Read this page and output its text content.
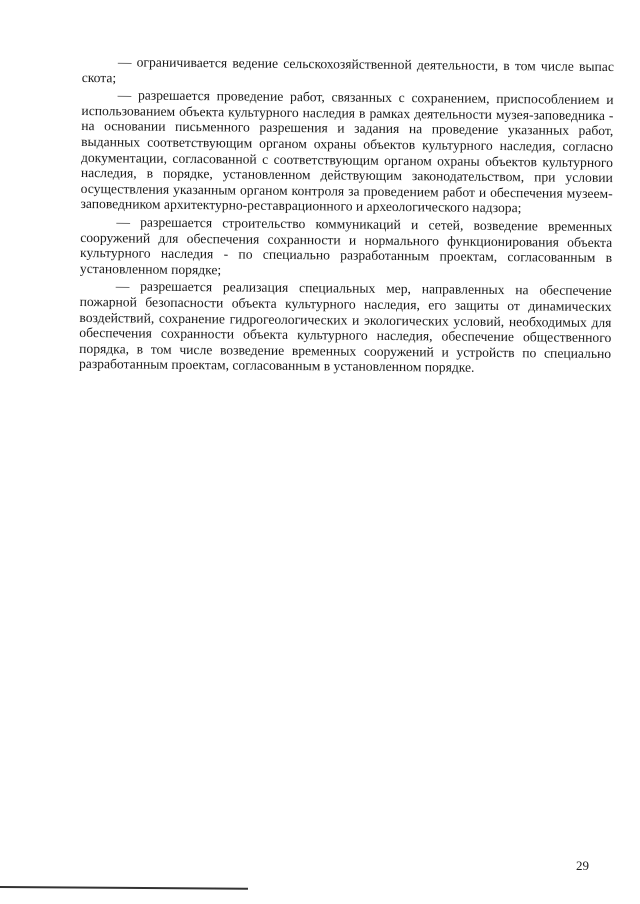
— ограничивается ведение сельскохозяйственной деятельности, в том числе выпас скота;

— разрешается проведение работ, связанных с сохранением, приспособлением и использованием объекта культурного наследия в рамках деятельности музея-заповедника - на основании письменного разрешения и задания на проведение указанных работ, выданных соответствующим органом охраны объектов культурного наследия, согласно документации, согласованной с соответствующим органом охраны объектов культурного наследия, в порядке, установленном действующим законодательством, при условии осуществления указанным органом контроля за проведением работ и обеспечения музеем-заповедником архитектурно-реставрационного и археологического надзора;

— разрешается строительство коммуникаций и сетей, возведение временных сооружений для обеспечения сохранности и нормального функционирования объекта культурного наследия - по специально разработанным проектам, согласованным в установленном порядке;

— разрешается реализация специальных мер, направленных на обеспечение пожарной безопасности объекта культурного наследия, его защиты от динамических воздействий, сохранение гидрогеологических и экологических условий, необходимых для обеспечения сохранности объекта культурного наследия, обеспечение общественного порядка, в том числе возведение временных сооружений и устройств по специально разработанным проектам, согласованным в установленном порядке.

29
